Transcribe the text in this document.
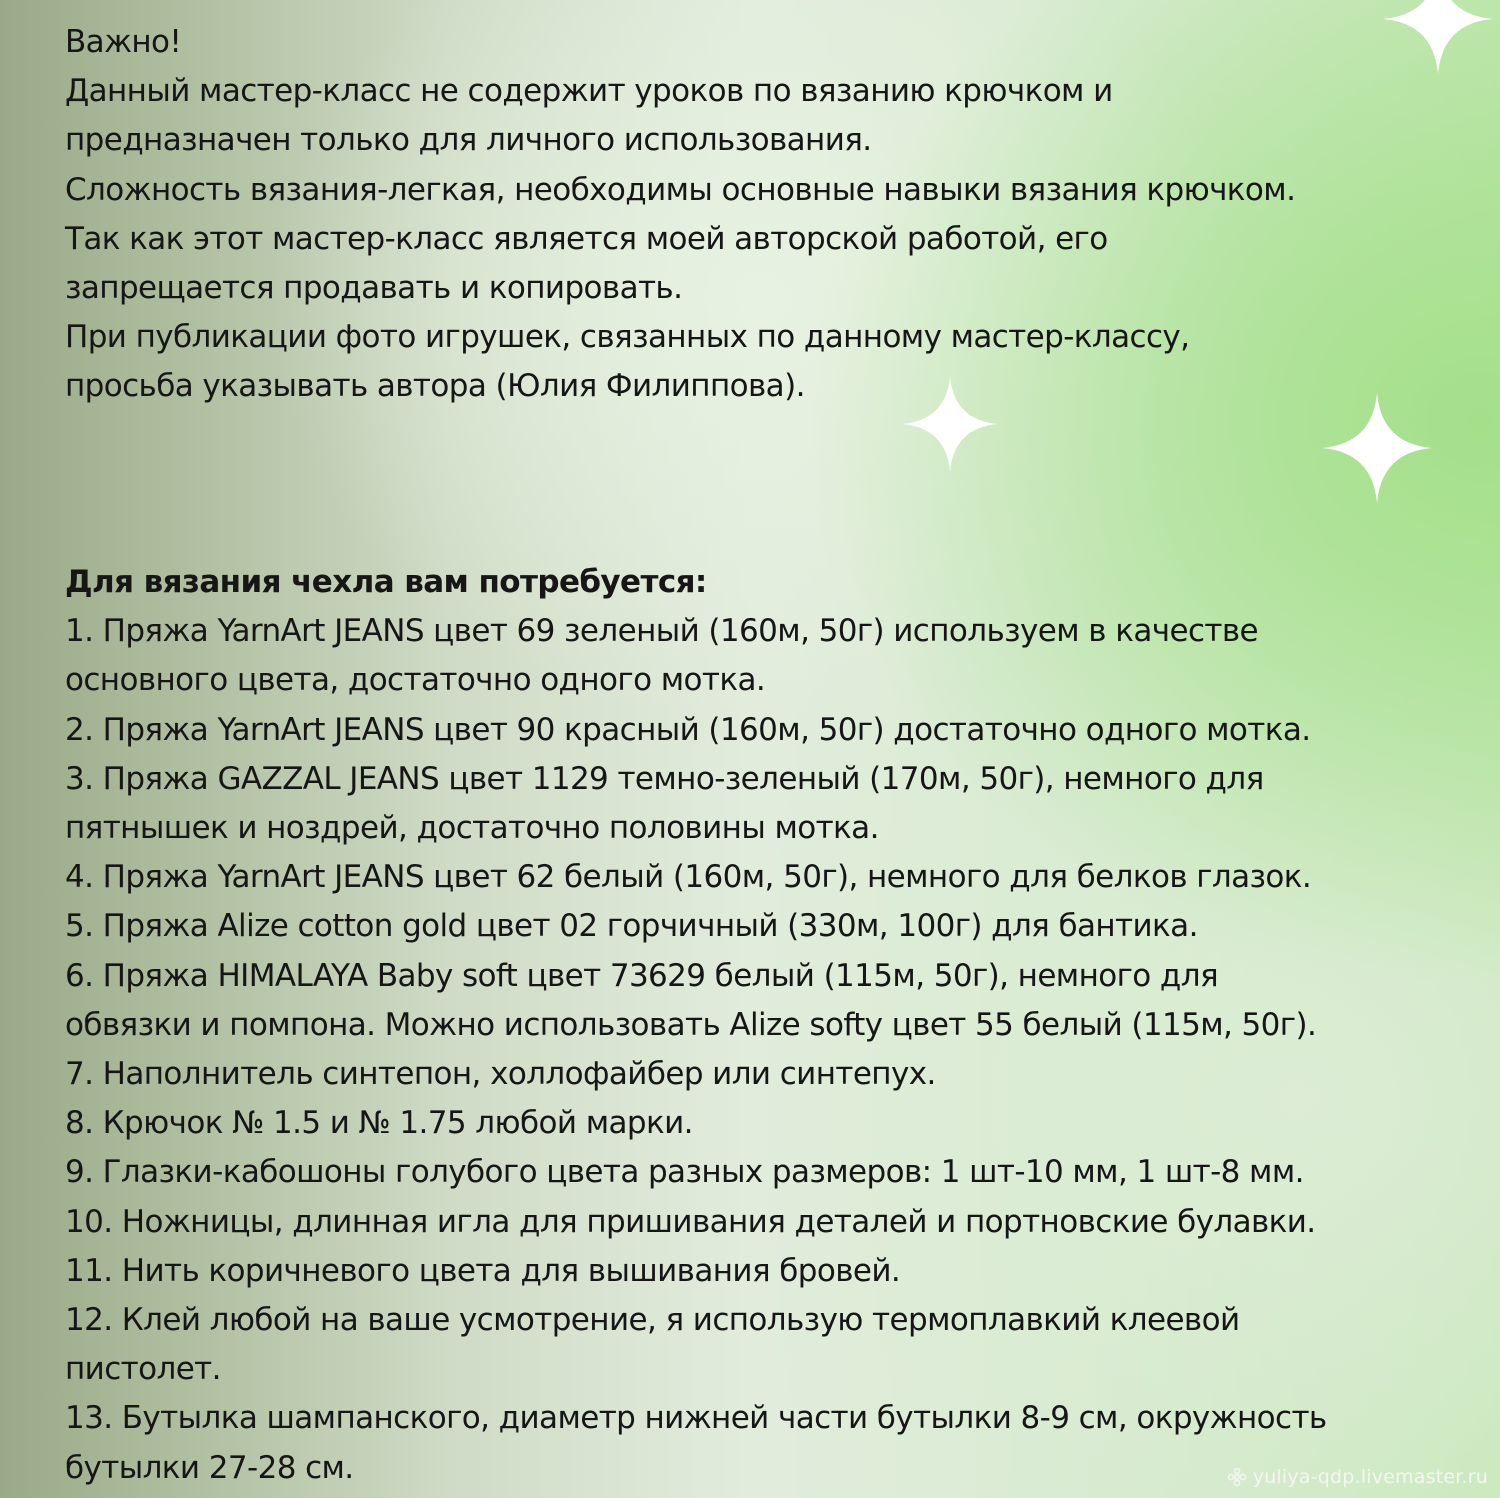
Важно!
Данный мастер-класс не содержит уроков по вязанию крючком и
предназначен только для личного использования.
Сложность вязания-легкая, необходимы основные навыки вязания крючком.
Так как этот мастер-класс является моей авторской работой, его
запрещается продавать и копировать.
При публикации фото игрушек, связанных по данному мастер-классу,
просьба указывать автора (Юлия Филиппова).
Для вязания чехла вам потребуется:
1. Пряжа YarnArt JEANS цвет 69 зеленый (160м, 50г) используем в качестве
основного цвета, достаточно одного мотка.
2. Пряжа YarnArt JEANS цвет 90 красный (160м, 50г) достаточно одного мотка.
3. Пряжа GAZZAL JEANS цвет 1129 темно-зеленый (170м, 50г), немного для
пятнышек и ноздрей, достаточно половины мотка.
4. Пряжа YarnArt JEANS цвет 62 белый (160м, 50г), немного для белков глазок.
5. Пряжа Alize cotton gold цвет 02 горчичный (330м, 100г) для бантика.
6. Пряжа HIMALAYA Baby soft цвет 73629 белый (115м, 50г), немного для
обвязки и помпона. Можно использовать Alize softy цвет 55 белый (115м, 50г).
7. Наполнитель синтепон, холлофайбер или синтепух.
8. Крючок № 1.5 и № 1.75 любой марки.
9. Глазки-кабошоны голубого цвета разных размеров: 1 шт-10 мм, 1 шт-8 мм.
10. Ножницы, длинная игла для пришивания деталей и портновские булавки.
11. Нить коричневого цвета для вышивания бровей.
12. Клей любой на ваше усмотрение, я использую термоплавкий клеевой
пистолет.
13. Бутылка шампанского, диаметр нижней части бутылки 8-9 см, окружность
бутылки 27-28 см.	yuliya-qdp.livemaster.ru
